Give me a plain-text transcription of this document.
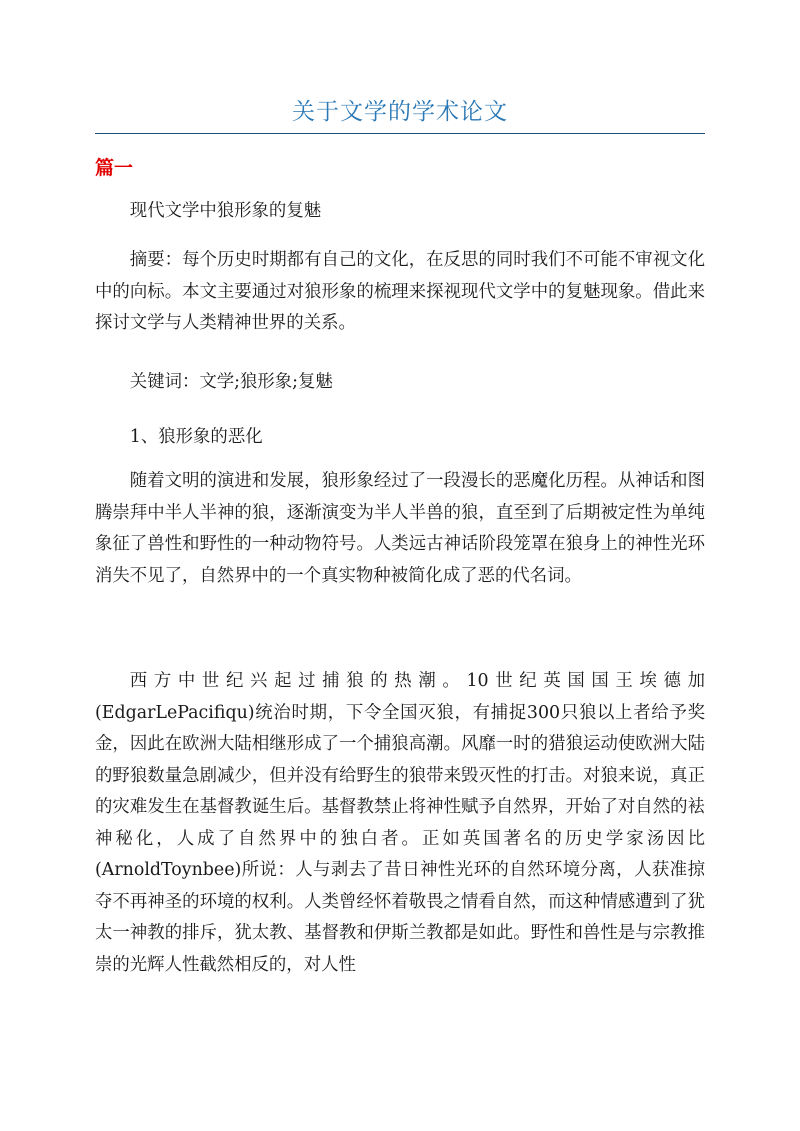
关于文学的学术论文
篇一

现代文学中狼形象的复魅

摘要：每个历史时期都有自己的文化，在反思的同时我们不可能不审视文化中的向标。本文主要通过对狼形象的梳理来探视现代文学中的复魅现象。借此来探讨文学与人类精神世界的关系。

关键词：文学;狼形象;复魅

1、狼形象的恶化

随着文明的演进和发展，狼形象经过了一段漫长的恶魔化历程。从神话和图腾崇拜中半人半神的狼，逐渐演变为半人半兽的狼，直至到了后期被定性为单纯象征了兽性和野性的一种动物符号。人类远古神话阶段笼罩在狼身上的神性光环消失不见了，自然界中的一个真实物种被简化成了恶的代名词。

西方中世纪兴起过捕狼的热潮。10世纪英国国王埃德加(EdgarLePacifiqu)统治时期，下令全国灭狼，有捕捉300只狼以上者给予奖金，因此在欧洲大陆相继形成了一个捕狼高潮。风靡一时的猎狼运动使欧洲大陆的野狼数量急剧减少，但并没有给野生的狼带来毁灭性的打击。对狼来说，真正的灾难发生在基督教诞生后。基督教禁止将神性赋予自然界，开始了对自然的袪神秘化，人成了自然界中的独白者。正如英国著名的历史学家汤因比(ArnoldToynbee)所说：人与剥去了昔日神性光环的自然环境分离，人获准掠夺不再神圣的环境的权利。人类曾经怀着敬畏之情看自然，而这种情感遭到了犹太一神教的排斥，犹太教、基督教和伊斯兰教都是如此。野性和兽性是与宗教推崇的光辉人性截然相反的，对人性
